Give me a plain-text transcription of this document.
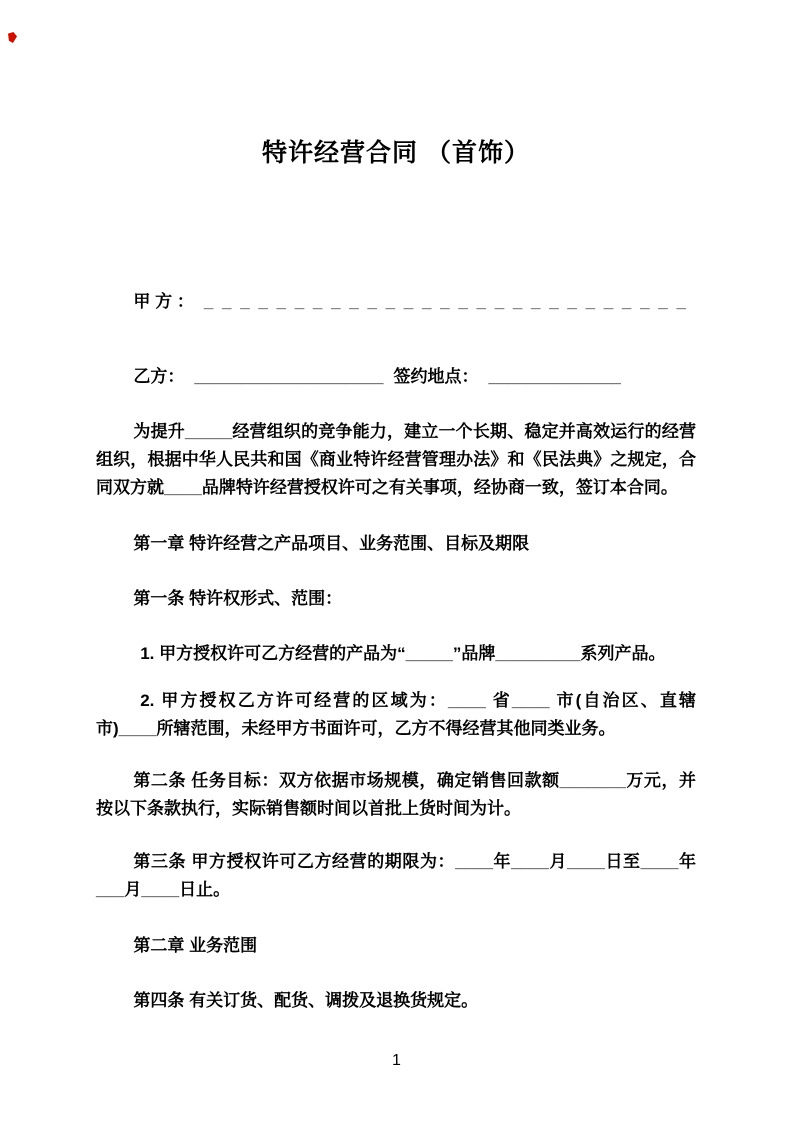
特许经营合同 （首饰）

甲 方 ： _ _ _ _ _ _ _ _ _ _ _ _ _ _ _ _ _ _ _ _ _ _ _ _ _ _ _

乙方： ____________________ 签约地点： ______________

为提升_____经营组织的竞争能力，建立一个长期、稳定并高效运行的经营组织，根据中华人民共和国《商业特许经营管理办法》和《民法典》之规定，合同双方就____品牌特许经营授权许可之有关事项，经协商一致，签订本合同。

第一章 特许经营之产品项目、业务范围、目标及期限

第一条 特许权形式、范围：

1. 甲方授权许可乙方经营的产品为“_____”品牌_________系列产品。

2. 甲方授权乙方许可经营的区域为：____ 省____ 市(自治区、直辖市)____所辖范围，未经甲方书面许可，乙方不得经营其他同类业务。

第二条 任务目标：双方依据市场规模，确定销售回款额_______万元，并按以下条款执行，实际销售额时间以首批上货时间为计。

第三条 甲方授权许可乙方经营的期限为：____年____月____日至____年___月____日止。

第二章 业务范围

第四条 有关订货、配货、调拨及退换货规定。

1
